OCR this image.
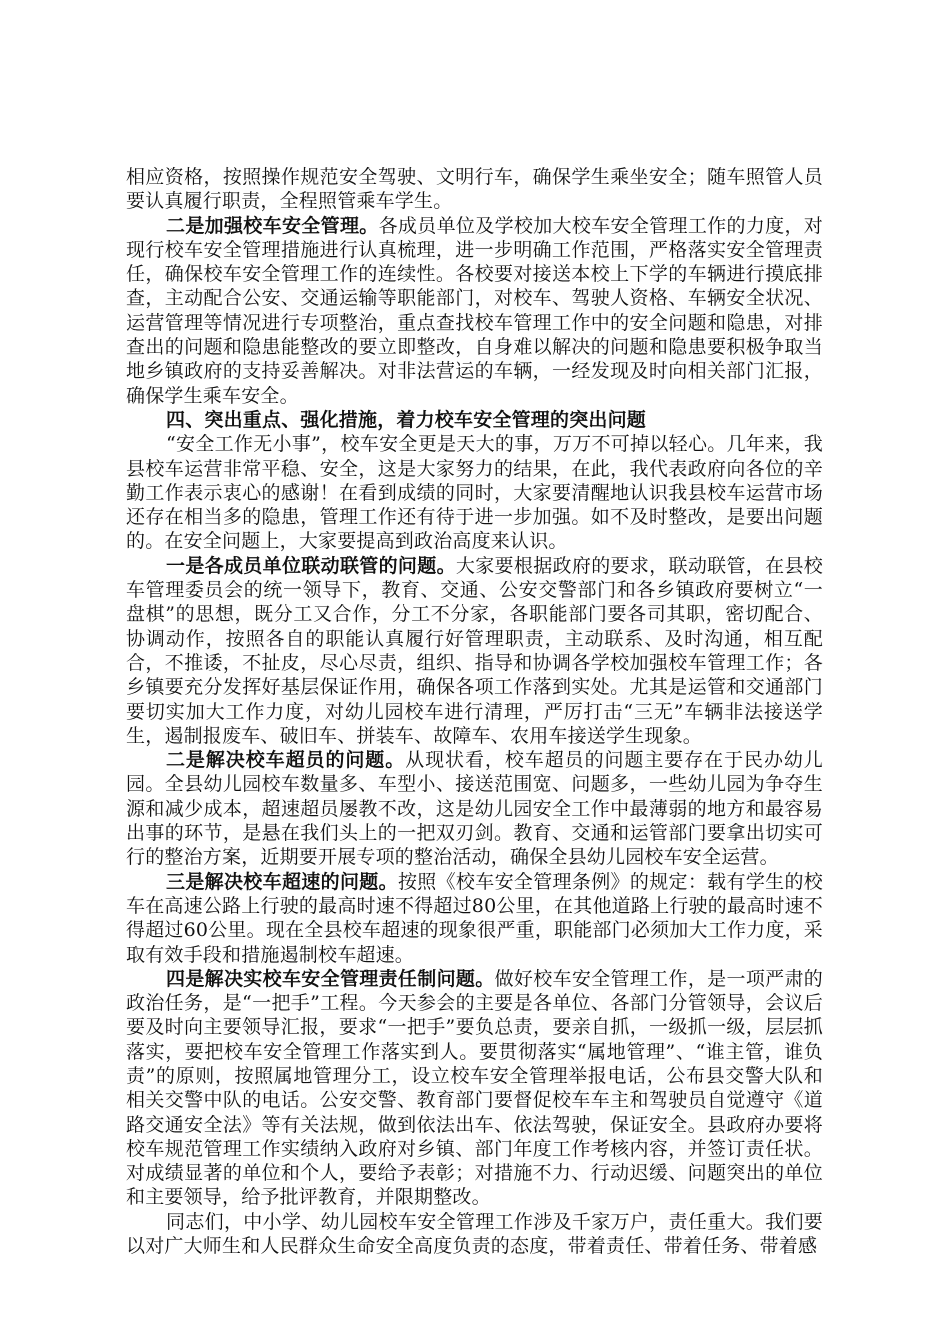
相应资格，按照操作规范安全驾驶、文明行车，确保学生乘坐安全；随车照管人员要认真履行职责，全程照管乘车学生。

二是加强校车安全管理。各成员单位及学校加大校车安全管理工作的力度，对现行校车安全管理措施进行认真梳理，进一步明确工作范围，严格落实安全管理责任，确保校车安全管理工作的连续性。各校要对接送本校上下学的车辆进行摸底排查，主动配合公安、交通运输等职能部门，对校车、驾驶人资格、车辆安全状况、运营管理等情况进行专项整治，重点查找校车管理工作中的安全问题和隐患，对排查出的问题和隐患能整改的要立即整改，自身难以解决的问题和隐患要积极争取当地乡镇政府的支持妥善解决。对非法营运的车辆，一经发现及时向相关部门汇报，确保学生乘车安全。

四、突出重点、强化措施，着力校车安全管理的突出问题

“安全工作无小事”，校车安全更是天大的事，万万不可掉以轻心。几年来，我县校车运营非常平稳、安全，这是大家努力的结果，在此，我代表政府向各位的辛勤工作表示衷心的感谢！在看到成绩的同时，大家要清醒地认识我县校车运营市场还存在相当多的隐患，管理工作还有待于进一步加强。如不及时整改，是要出问题的。在安全问题上，大家要提高到政治高度来认识。

一是各成员单位联动联管的问题。大家要根据政府的要求，联动联管，在县校车管理委员会的统一领导下，教育、交通、公安交警部门和各乡镇政府要树立“一盘棋”的思想，既分工又合作，分工不分家，各职能部门要各司其职，密切配合、协调动作，按照各自的职能认真履行好管理职责，主动联系、及时沟通，相互配合，不推诿，不扯皮，尽心尽责，组织、指导和协调各学校加强校车管理工作；各乡镇要充分发挥好基层保证作用，确保各项工作落到实处。尤其是运管和交通部门要切实加大工作力度，对幼儿园校车进行清理，严厉打击“三无”车辆非法接送学生，遏制报废车、破旧车、拼装车、故障车、农用车接送学生现象。

二是解决校车超员的问题。从现状看，校车超员的问题主要存在于民办幼儿园。全县幼儿园校车数量多、车型小、接送范围宽、问题多，一些幼儿园为争夺生源和减少成本，超速超员屡教不改，这是幼儿园安全工作中最薄弱的地方和最容易出事的环节，是悬在我们头上的一把双刃剑。教育、交通和运管部门要拿出切实可行的整治方案，近期要开展专项的整治活动，确保全县幼儿园校车安全运营。

三是解决校车超速的问题。按照《校车安全管理条例》的规定：载有学生的校车在高速公路上行驶的最高时速不得超过80公里，在其他道路上行驶的最高时速不得超过60公里。现在全县校车超速的现象很严重，职能部门必须加大工作力度，采取有效手段和措施遏制校车超速。

四是解决实校车安全管理责任制问题。做好校车安全管理工作，是一项严肃的政治任务，是“一把手”工程。今天参会的主要是各单位、各部门分管领导，会议后要及时向主要领导汇报，要求“一把手”要负总责，要亲自抓，一级抓一级，层层抓落实，要把校车安全管理工作落实到人。要贯彻落实“属地管理”、“谁主管，谁负责”的原则，按照属地管理分工，设立校车安全管理举报电话，公布县交警大队和相关交警中队的电话。公安交警、教育部门要督促校车车主和驾驶员自觉遵守《道路交通安全法》等有关法规，做到依法出车、依法驾驶，保证安全。县政府办要将校车规范管理工作实绩纳入政府对乡镇、部门年度工作考核内容，并签订责任状。对成绩显著的单位和个人，要给予表彰；对措施不力、行动迟缓、问题突出的单位和主要领导，给予批评教育，并限期整改。

同志们，中小学、幼儿园校车安全管理工作涉及千家万户，责任重大。我们要以对广大师生和人民群众生命安全高度负责的态度，带着责任、带着任务、带着感
